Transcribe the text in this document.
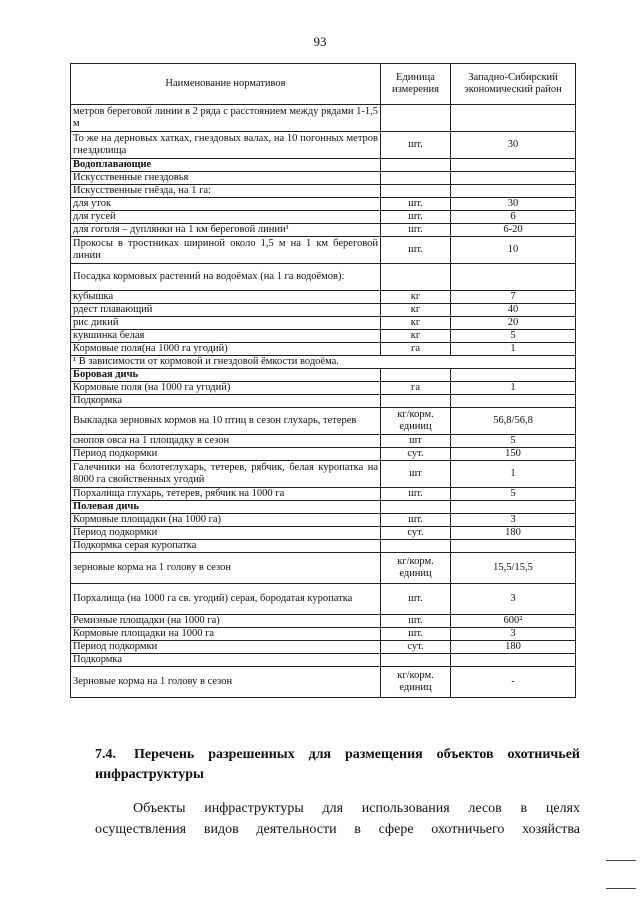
93
Наименование нормативов	Единица измерения	Западно-Сибирский экономический район
метров береговой линии в 2 ряда с расстоянием между рядами 1-1,5 м		
То же на дерновых хатках, гнездовых валах, на 10 погонных метров гнездилища	шт.	30
Водоплавающие		
Искусственные гнездовья		
Искусственные гнёзда, на 1 га:		
для уток	шт.	30
для гусей	шт.	6
для гоголя – дуплянки на 1 км береговой линии¹	шт.	6-20
Прокосы в тростниках шириной около 1,5 м на 1 км береговой линии	шт.	10
Посадка кормовых растений на водоёмах (на 1 га водоёмов):		
кубышка	кг	7
рдест плавающий	кг	40
рис дикий	кг	20
кувшинка белая	кг	5
Кормовые поля(на 1000 га угодий)	га	1
¹ В зависимости от кормовой и гнездовой ёмкости водоёма.		
Боровая дичь		
Кормовые поля (на 1000 га угодий)	га	1
Подкормка		
Выкладка зерновых кормов на 10 птиц в сезон глухарь, тетерев	кг/корм. единиц	56,8/56,8
снопов овса на 1 площадку в сезон	шт	5
Период подкормки	сут.	150
Галечники на болотеглухарь, тетерев, рябчик, белая куропатка на 8000 га свойственных угодий	шт	1
Порхалища глухарь, тетерев, рябчик на 1000 га	шт.	5
Полевая дичь		
Кормовые площадки (на 1000 га)	шт.	3
Период подкормки	сут.	180
Подкормка серая куропатка		
зерновые корма на 1 голову в сезон	кг/корм. единиц	15,5/15,5
Порхалища (на 1000 га св. угодий) серая, бородатая куропатка	шт.	3
Ремизные площадки (на 1000 га)	шт.	600²
Кормовые площадки на 1000 га	шт.	3
Период подкормки	сут.	180
Подкормка		
Зерновые корма на 1 голову в сезон	кг/корм. единиц	-
7.4. Перечень разрешенных для размещения объектов охотничьей инфраструктуры
Объекты инфраструктуры для использования лесов в целях осуществления видов деятельности в сфере охотничьего хозяйства
